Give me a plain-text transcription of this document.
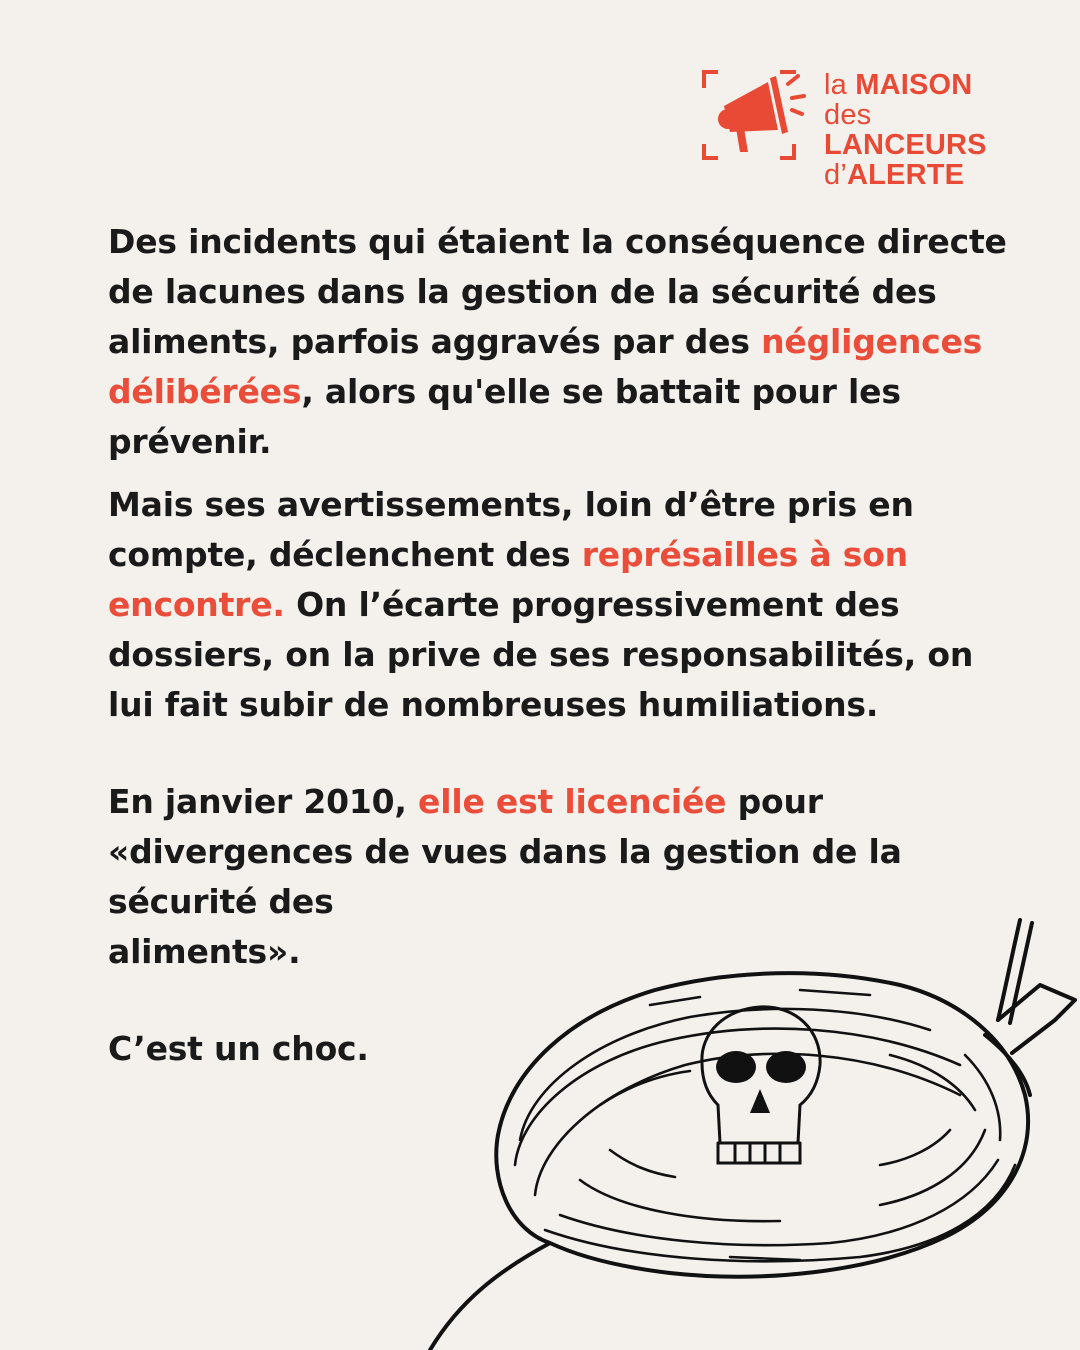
la MAISON
des LANCEURS
d’ALERTE

Des incidents qui étaient la conséquence directe de lacunes dans la gestion de la sécurité des aliments, parfois aggravés par des négligences délibérées, alors qu'elle se battait pour les prévenir.

Mais ses avertissements, loin d’être pris en compte, déclenchent des représailles à son encontre. On l’écarte progressivement des dossiers, on la prive de ses responsabilités, on lui fait subir de nombreuses humiliations.

En janvier 2010, elle est licenciée pour «divergences de vues dans la gestion de la sécurité des
aliments».

C’est un choc.
